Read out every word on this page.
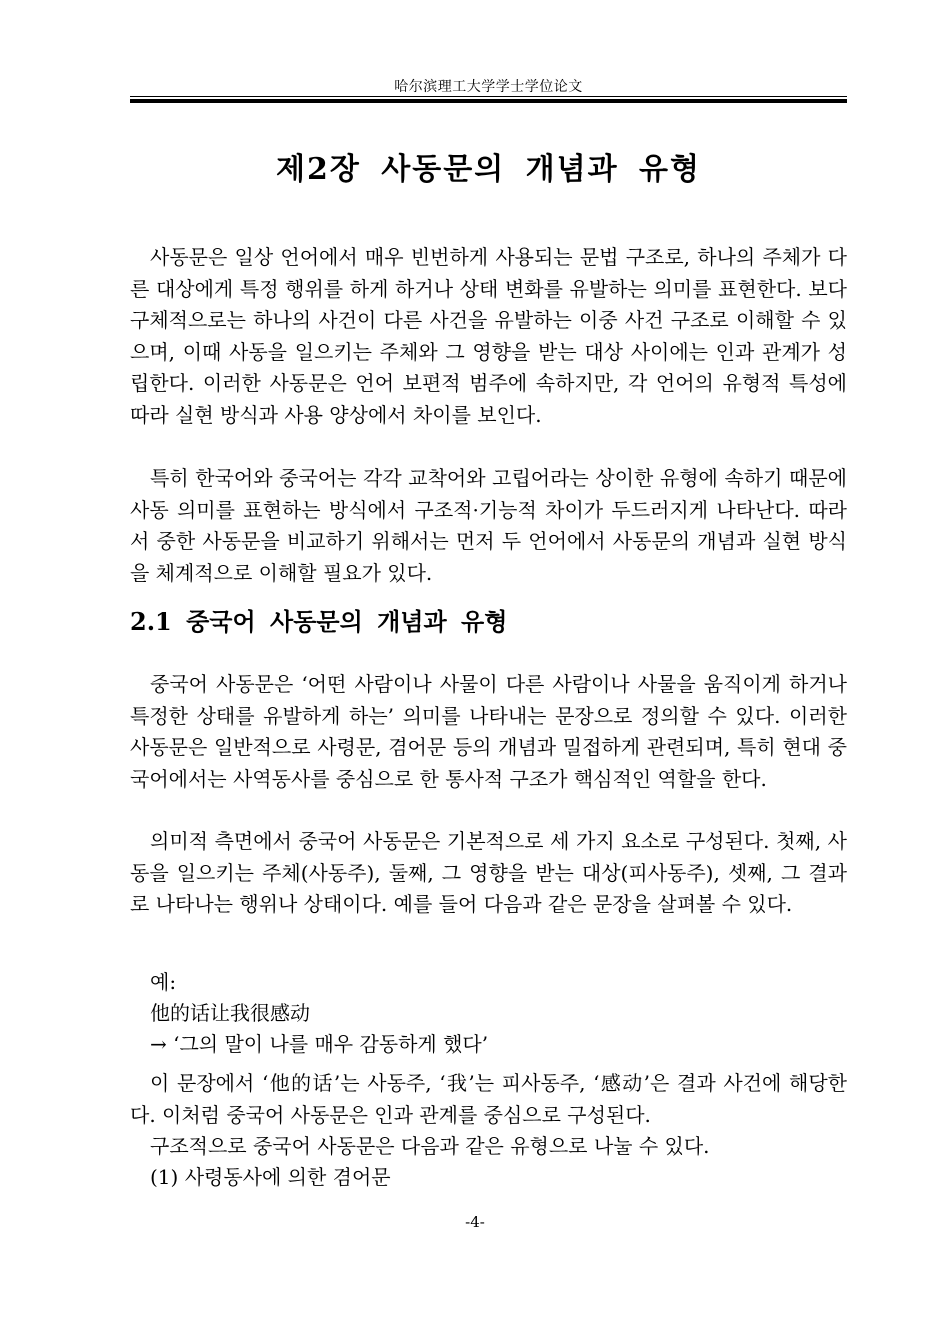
哈尔滨理工大学学士学位论文
제2장 사동문의 개념과 유형

사동문은 일상 언어에서 매우 빈번하게 사용되는 문법 구조로, 하나의 주체가 다른 대상에게 특정 행위를 하게 하거나 상태 변화를 유발하는 의미를 표현한다. 보다 구체적으로는 하나의 사건이 다른 사건을 유발하는 이중 사건 구조로 이해할 수 있으며, 이때 사동을 일으키는 주체와 그 영향을 받는 대상 사이에는 인과 관계가 성립한다. 이러한 사동문은 언어 보편적 범주에 속하지만, 각 언어의 유형적 특성에 따라 실현 방식과 사용 양상에서 차이를 보인다.

특히 한국어와 중국어는 각각 교착어와 고립어라는 상이한 유형에 속하기 때문에 사동 의미를 표현하는 방식에서 구조적·기능적 차이가 두드러지게 나타난다. 따라서 중한 사동문을 비교하기 위해서는 먼저 두 언어에서 사동문의 개념과 실현 방식을 체계적으로 이해할 필요가 있다.

2.1 중국어 사동문의 개념과 유형

중국어 사동문은 ‘어떤 사람이나 사물이 다른 사람이나 사물을 움직이게 하거나 특정한 상태를 유발하게 하는’ 의미를 나타내는 문장으로 정의할 수 있다. 이러한 사동문은 일반적으로 사령문, 겸어문 등의 개념과 밀접하게 관련되며, 특히 현대 중국어에서는 사역동사를 중심으로 한 통사적 구조가 핵심적인 역할을 한다.

의미적 측면에서 중국어 사동문은 기본적으로 세 가지 요소로 구성된다. 첫째, 사동을 일으키는 주체(사동주), 둘째, 그 영향을 받는 대상(피사동주), 셋째, 그 결과로 나타나는 행위나 상태이다. 예를 들어 다음과 같은 문장을 살펴볼 수 있다.

예:
他的话让我很感动
→ ‘그의 말이 나를 매우 감동하게 했다’

이 문장에서 ‘他的话’는 사동주, ‘我’는 피사동주, ‘感动’은 결과 사건에 해당한다. 이처럼 중국어 사동문은 인과 관계를 중심으로 구성된다.

구조적으로 중국어 사동문은 다음과 같은 유형으로 나눌 수 있다.
(1) 사령동사에 의한 겸어문
-4-
